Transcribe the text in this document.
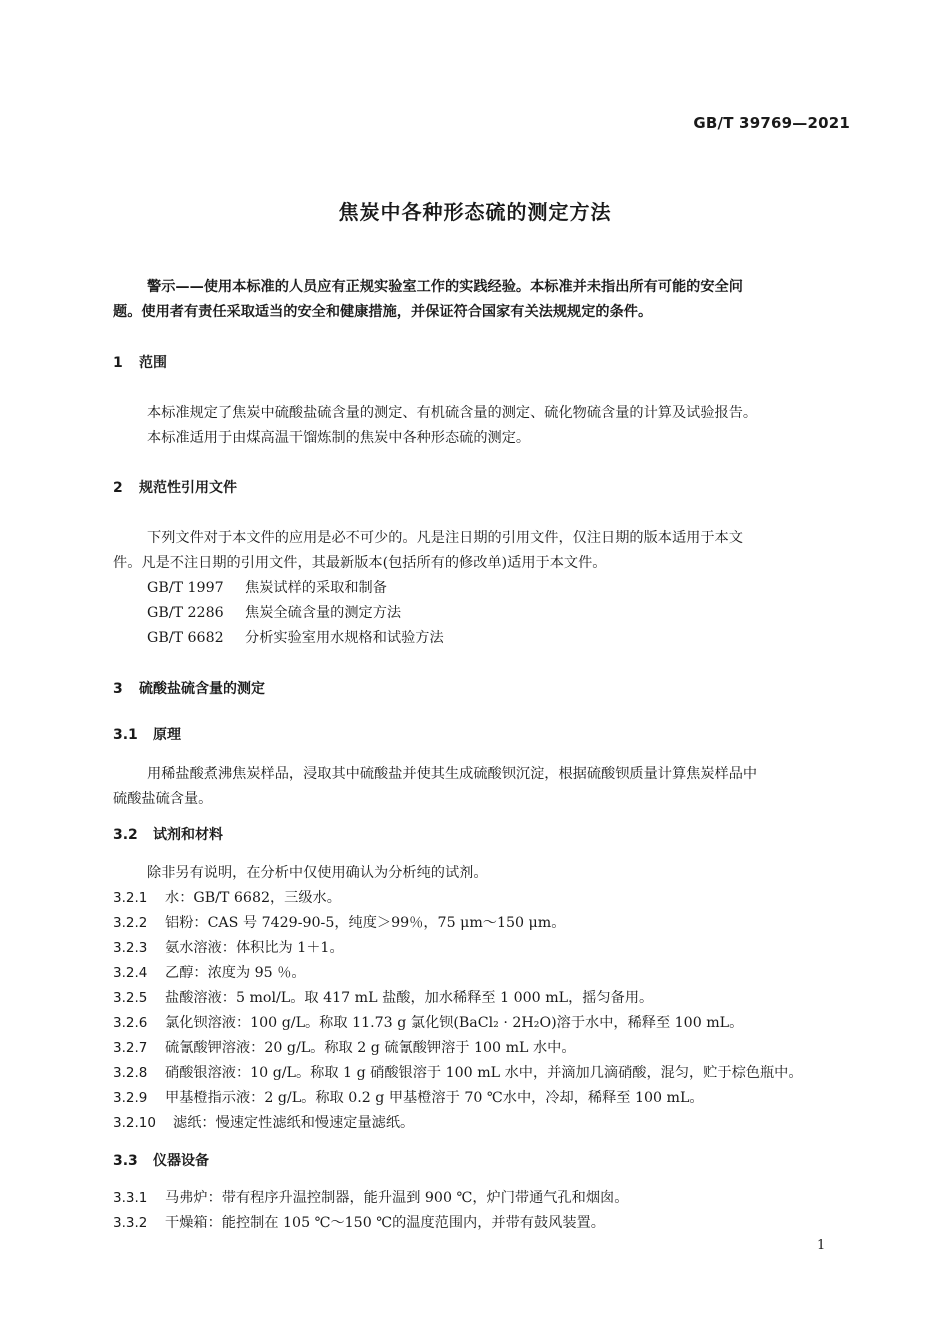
GB/T 39769—2021
焦炭中各种形态硫的测定方法
警示——使用本标准的人员应有正规实验室工作的实践经验。本标准并未指出所有可能的安全问
题。使用者有责任采取适当的安全和健康措施，并保证符合国家有关法规规定的条件。
1 范围
本标准规定了焦炭中硫酸盐硫含量的测定、有机硫含量的测定、硫化物硫含量的计算及试验报告。
本标准适用于由煤高温干馏炼制的焦炭中各种形态硫的测定。
2 规范性引用文件
下列文件对于本文件的应用是必不可少的。凡是注日期的引用文件，仅注日期的版本适用于本文
件。凡是不注日期的引用文件，其最新版本(包括所有的修改单)适用于本文件。
GB/T 1997 焦炭试样的采取和制备
GB/T 2286 焦炭全硫含量的测定方法
GB/T 6682 分析实验室用水规格和试验方法
3 硫酸盐硫含量的测定
3.1 原理
用稀盐酸煮沸焦炭样品，浸取其中硫酸盐并使其生成硫酸钡沉淀，根据硫酸钡质量计算焦炭样品中
硫酸盐硫含量。
3.2 试剂和材料
除非另有说明，在分析中仅使用确认为分析纯的试剂。
3.2.1 水：GB/T 6682，三级水。
3.2.2 铝粉：CAS 号 7429-90-5，纯度＞99％，75 μm～150 μm。
3.2.3 氨水溶液：体积比为 1＋1。
3.2.4 乙醇：浓度为 95 ％。
3.2.5 盐酸溶液：5 mol/L。取 417 mL 盐酸，加水稀释至 1 000 mL，摇匀备用。
3.2.6 氯化钡溶液：100 g/L。称取 11.73 g 氯化钡(BaCl₂ · 2H₂O)溶于水中，稀释至 100 mL。
3.2.7 硫氰酸钾溶液：20 g/L。称取 2 g 硫氰酸钾溶于 100 mL 水中。
3.2.8 硝酸银溶液：10 g/L。称取 1 g 硝酸银溶于 100 mL 水中，并滴加几滴硝酸，混匀，贮于棕色瓶中。
3.2.9 甲基橙指示液：2 g/L。称取 0.2 g 甲基橙溶于 70 ℃水中，冷却，稀释至 100 mL。
3.2.10 滤纸：慢速定性滤纸和慢速定量滤纸。
3.3 仪器设备
3.3.1 马弗炉：带有程序升温控制器，能升温到 900 ℃，炉门带通气孔和烟囱。
3.3.2 干燥箱：能控制在 105 ℃～150 ℃的温度范围内，并带有鼓风装置。
1
